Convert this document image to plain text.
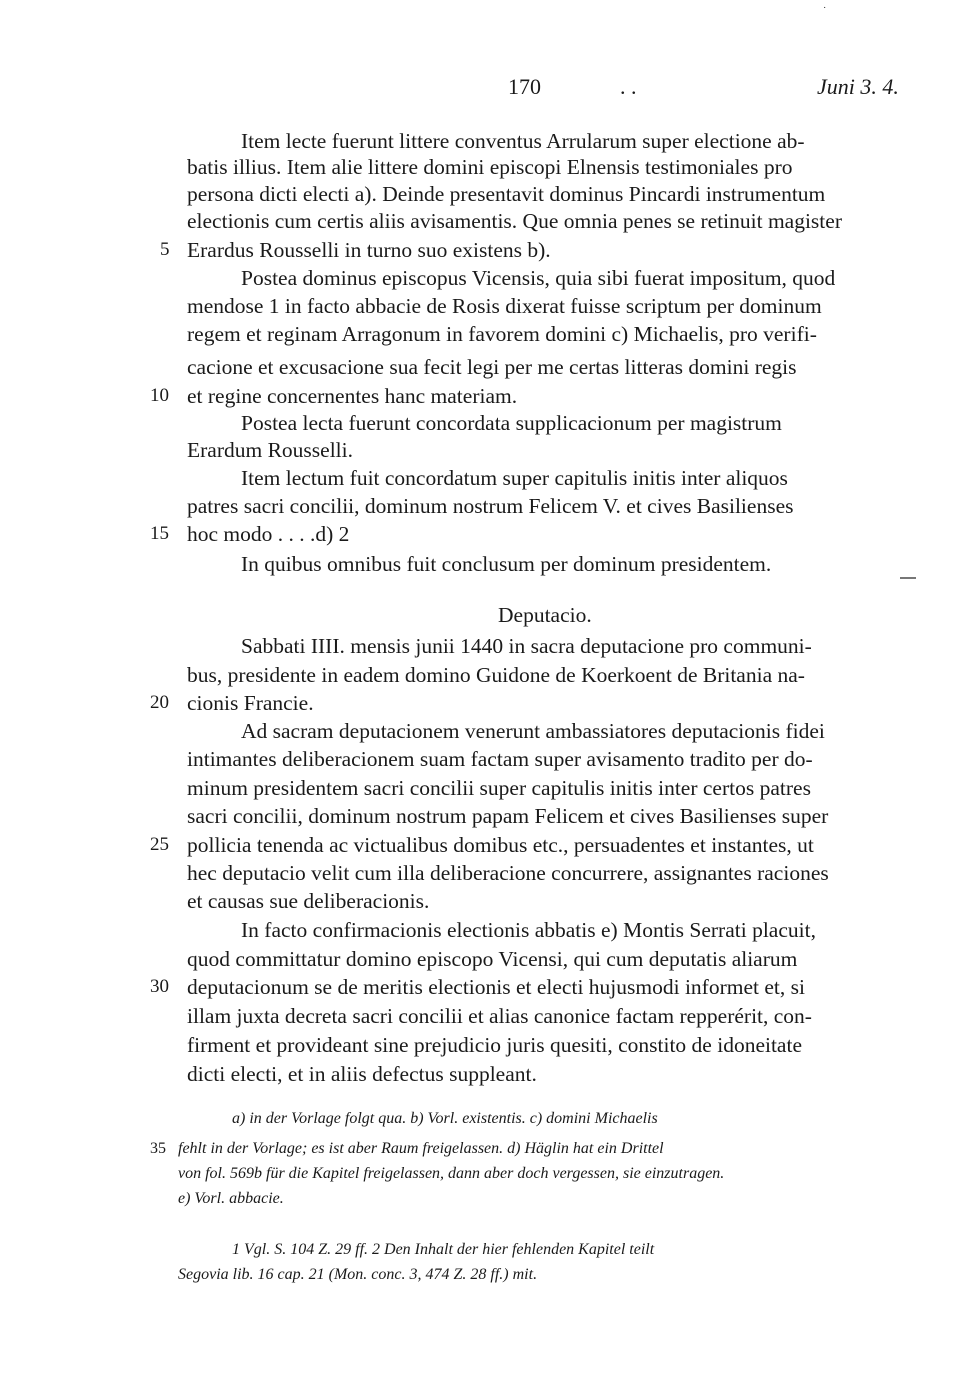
˙
170	. .	Juni 3. 4.
Item lecte fuerunt littere conventus Arrularum super electione ab-
batis illius. Item alie littere domini episcopi Elnensis testimoniales pro
persona dicti electi a). Deinde presentavit dominus Pincardi instrumentum
electionis cum certis aliis avisamentis. Que omnia penes se retinuit magister
Erardus Rousselli in turno suo existens b).
Postea dominus episcopus Vicensis, quia sibi fuerat impositum, quod
mendose 1 in facto abbacie de Rosis dixerat fuisse scriptum per dominum
regem et reginam Arragonum in favorem domini c) Michaelis, pro verifi-
cacione et excusacione sua fecit legi per me certas litteras domini regis
et regine concernentes hanc materiam.
Postea lecta fuerunt concordata supplicacionum per magistrum
Erardum Rousselli.
Item lectum fuit concordatum super capitulis initis inter aliquos
patres sacri concilii, dominum nostrum Felicem V. et cives Basilienses
hoc modo . . . .d) 2
In quibus omnibus fuit conclusum per dominum presidentem.
Deputacio.
Sabbati IIII. mensis junii 1440 in sacra deputacione pro communi-
bus, presidente in eadem domino Guidone de Koerkoent de Britania na-
cionis Francie.
Ad sacram deputacionem venerunt ambassiatores deputacionis fidei
intimantes deliberacionem suam factam super avisamento tradito per do-
minum presidentem sacri concilii super capitulis initis inter certos patres
sacri concilii, dominum nostrum papam Felicem et cives Basilienses super
pollicia tenenda ac victualibus domibus etc., persuadentes et instantes, ut
hec deputacio velit cum illa deliberacione concurrere, assignantes raciones
et causas sue deliberacionis.
In facto confirmacionis electionis abbatis e) Montis Serrati placuit,
quod committatur domino episcopo Vicensi, qui cum deputatis aliarum
deputacionum se de meritis electionis et electi hujusmodi informet et, si
illam juxta decreta sacri concilii et alias canonice factam repperérit, con-
firment et provideant sine prejudicio juris quesiti, constito de idoneitate
dicti electi, et in aliis defectus suppleant.
5
10
15
20
25
30
35
a) in der Vorlage folgt qua. b) Vorl. existentis. c) domini Michaelis
fehlt in der Vorlage; es ist aber Raum freigelassen. d) Häglin hat ein Drittel
von fol. 569b für die Kapitel freigelassen, dann aber doch vergessen, sie einzutragen.
e) Vorl. abbacie.
1 Vgl. S. 104 Z. 29 ff. 2 Den Inhalt der hier fehlenden Kapitel teilt
Segovia lib. 16 cap. 21 (Mon. conc. 3, 474 Z. 28 ff.) mit.
